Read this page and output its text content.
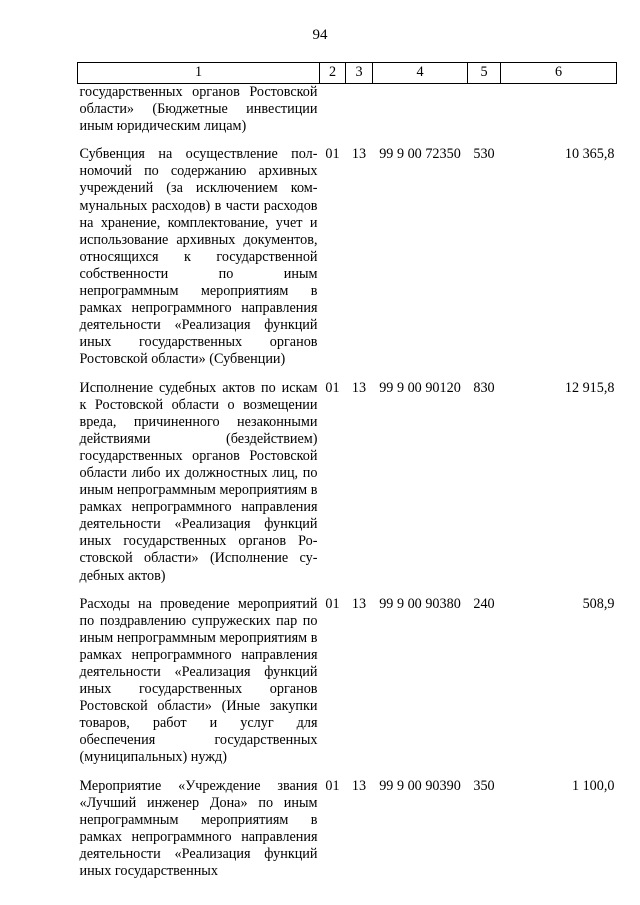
94
1	2	3	4	5	6
государственных органов Ростовской области» (Бюджетные инвестиции иным юридическим лицам)					

Субвенция на осуществление полномочий по содержанию архивных учреждений (за исключением коммунальных расходов) в части расходов на хранение, комплектование, учет и использование архивных документов, относящихся к государственной собственности по иным непрограммным мероприятиям в рамках непрограммного направления деятельности «Реализация функций иных государственных органов Ростовской области» (Субвенции)	01	13	99 9 00 72350	530	10 365,8

Исполнение судебных актов по искам к Ростовской области о возмещении вреда, причиненного незаконными действиями (бездействием) государственных органов Ростовской области либо их должностных лиц, по иным непрограммным мероприятиям в рамках непрограммного направления деятельности «Реализация функций иных государственных органов Ростовской области» (Исполнение судебных актов)	01	13	99 9 00 90120	830	12 915,8

Расходы на проведение мероприятий по поздравлению супружеских пар по иным непрограммным мероприятиям в рамках непрограммного направления деятельности «Реализация функций иных государственных органов Ростовской области» (Иные закупки товаров, работ и услуг для обеспечения государственных (муниципальных) нужд)	01	13	99 9 00 90380	240	508,9

Мероприятие «Учреждение звания «Лучший инженер Дона» по иным непрограммным мероприятиям в рамках непрограммного направления деятельности «Реализация функций иных государственных	01	13	99 9 00 90390	350	1 100,0
